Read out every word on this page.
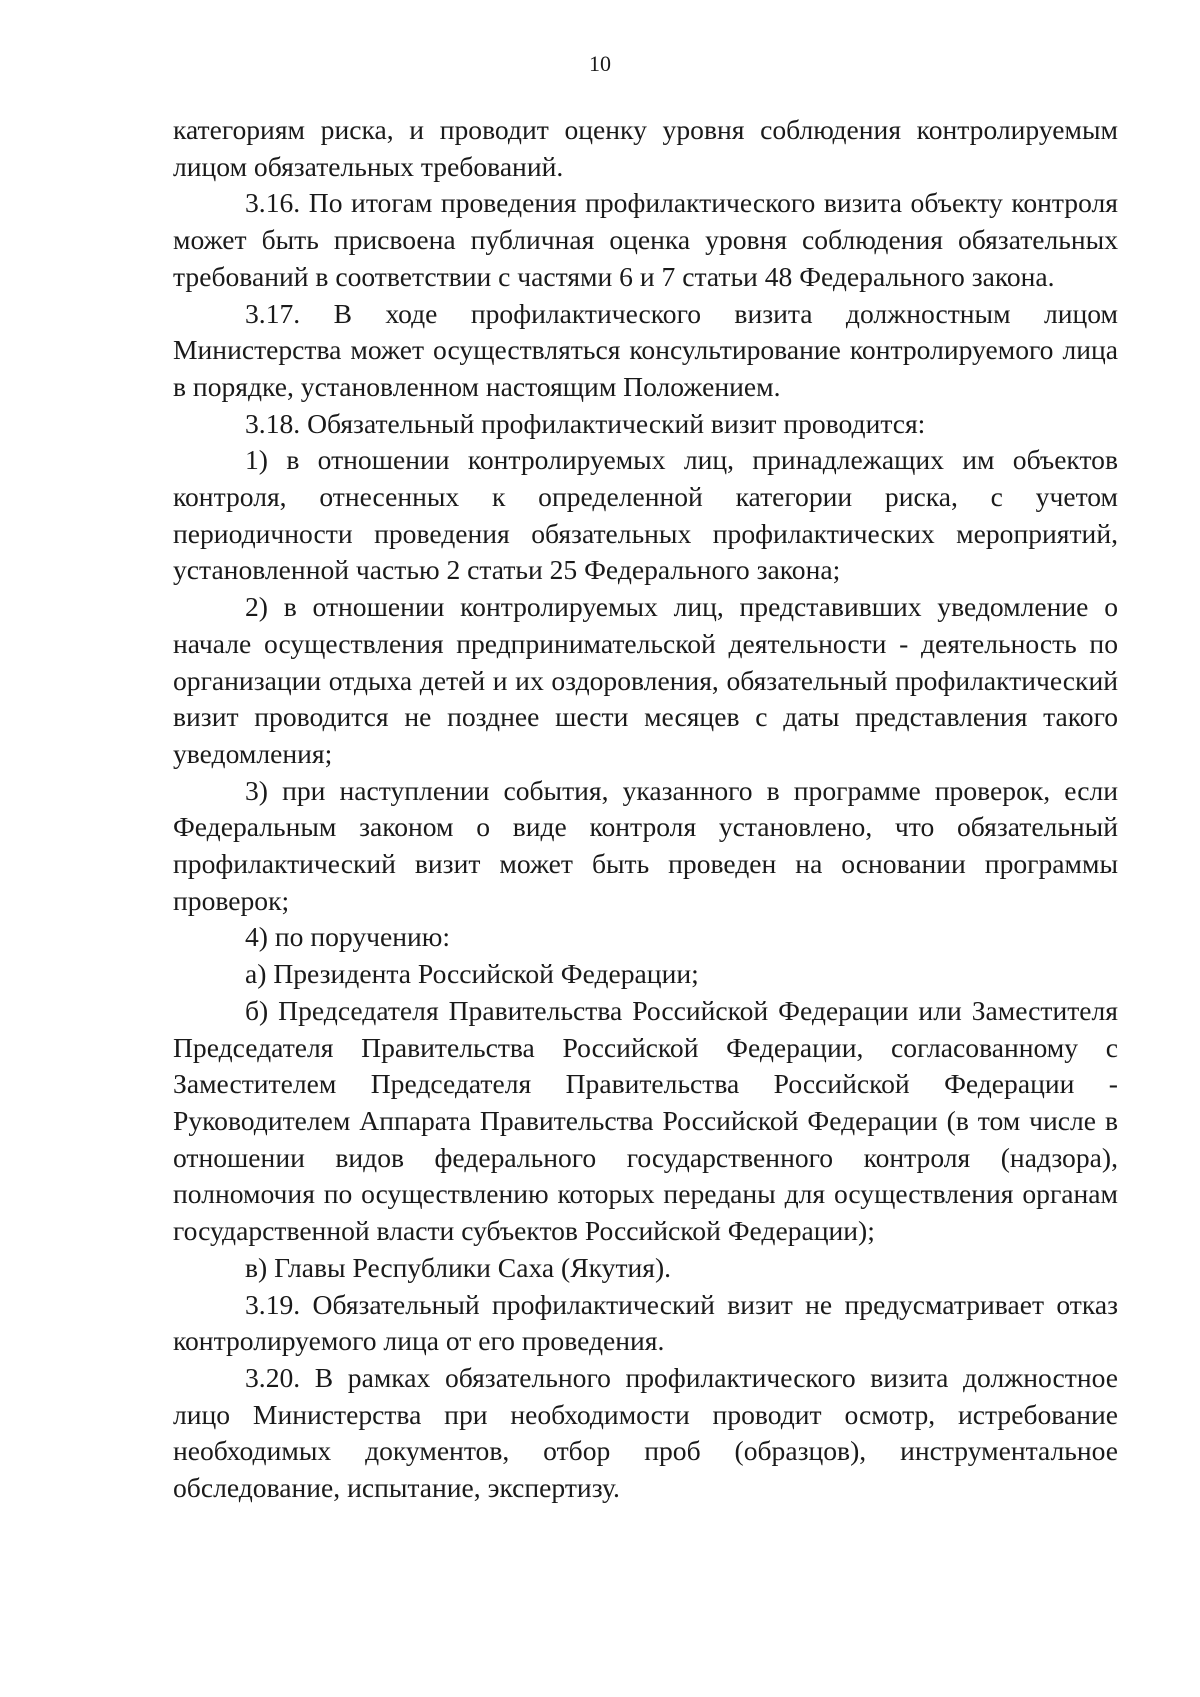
10

категориям риска, и проводит оценку уровня соблюдения контролируемым лицом обязательных требований.

3.16. По итогам проведения профилактического визита объекту контроля может быть присвоена публичная оценка уровня соблюдения обязательных требований в соответствии с частями 6 и 7 статьи 48 Федерального закона.

3.17. В ходе профилактического визита должностным лицом Министерства может осуществляться консультирование контролируемого лица в порядке, установленном настоящим Положением.

3.18. Обязательный профилактический визит проводится:

1) в отношении контролируемых лиц, принадлежащих им объектов контроля, отнесенных к определенной категории риска, с учетом периодичности проведения обязательных профилактических мероприятий, установленной частью 2 статьи 25 Федерального закона;

2) в отношении контролируемых лиц, представивших уведомление о начале осуществления предпринимательской деятельности - деятельность по организации отдыха детей и их оздоровления, обязательный профилактический визит проводится не позднее шести месяцев с даты представления такого уведомления;

3) при наступлении события, указанного в программе проверок, если Федеральным законом о виде контроля установлено, что обязательный профилактический визит может быть проведен на основании программы проверок;

4) по поручению:

а) Президента Российской Федерации;

б) Председателя Правительства Российской Федерации или Заместителя Председателя Правительства Российской Федерации, согласованному с Заместителем Председателя Правительства Российской Федерации - Руководителем Аппарата Правительства Российской Федерации (в том числе в отношении видов федерального государственного контроля (надзора), полномочия по осуществлению которых переданы для осуществления органам государственной власти субъектов Российской Федерации);

в) Главы Республики Саха (Якутия).

3.19. Обязательный профилактический визит не предусматривает отказ контролируемого лица от его проведения.

3.20. В рамках обязательного профилактического визита должностное лицо Министерства при необходимости проводит осмотр, истребование необходимых документов, отбор проб (образцов), инструментальное обследование, испытание, экспертизу.
